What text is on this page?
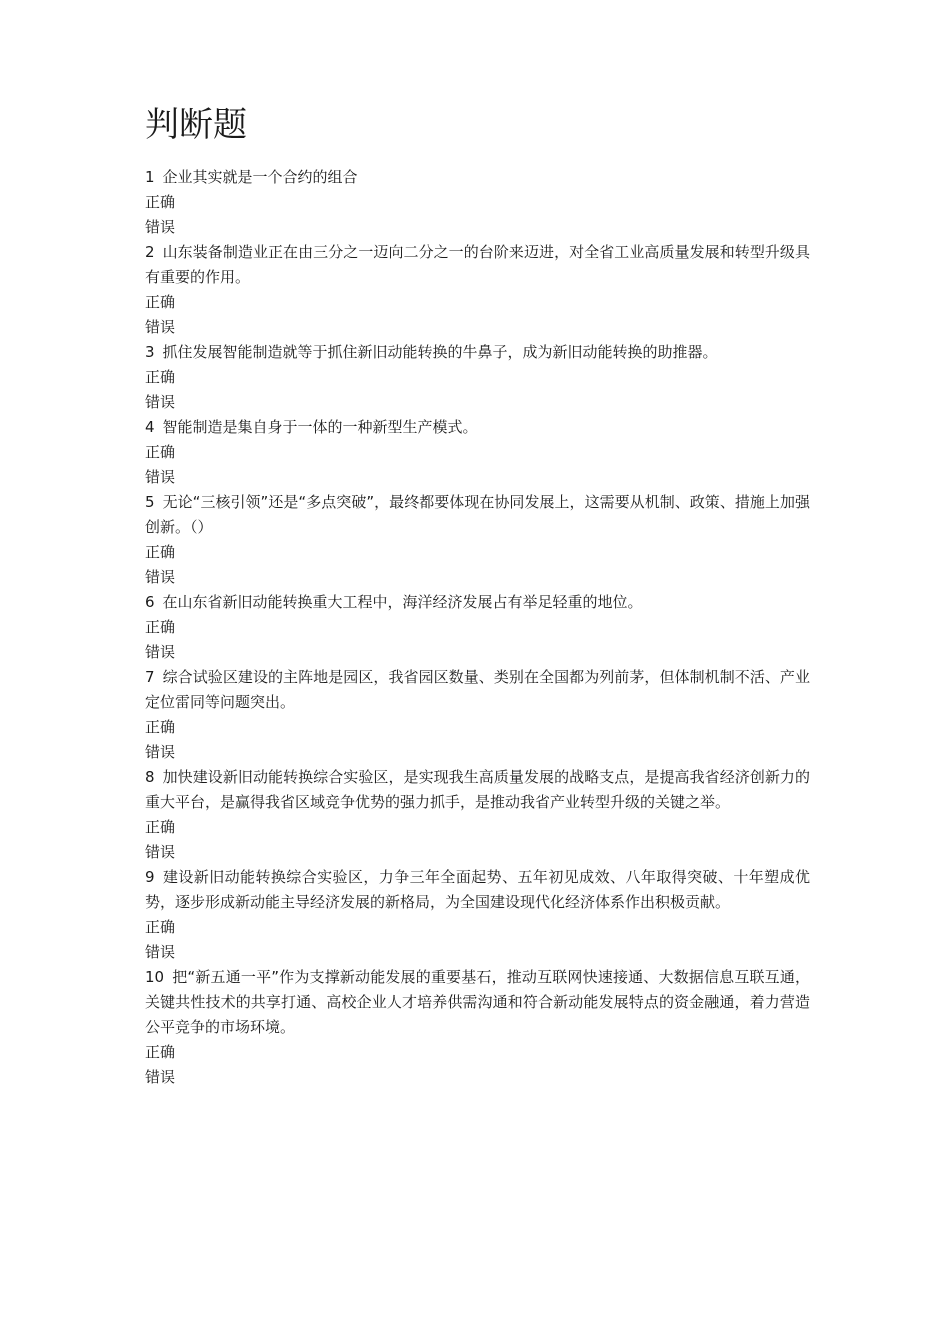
判断题

1 企业其实就是一个合约的组合

正确

错误

2 山东装备制造业正在由三分之一迈向二分之一的台阶来迈进，对全省工业高质量发展和转型升级具有重要的作用。

正确

错误

3 抓住发展智能制造就等于抓住新旧动能转换的牛鼻子，成为新旧动能转换的助推器。

正确

错误

4 智能制造是集自身于一体的一种新型生产模式。

正确

错误

5 无论“三核引领”还是“多点突破”，最终都要体现在协同发展上，这需要从机制、政策、措施上加强创新。（）

正确

错误

6 在山东省新旧动能转换重大工程中，海洋经济发展占有举足轻重的地位。

正确

错误

7 综合试验区建设的主阵地是园区，我省园区数量、类别在全国都为列前茅，但体制机制不活、产业定位雷同等问题突出。

正确

错误

8 加快建设新旧动能转换综合实验区，是实现我生高质量发展的战略支点，是提高我省经济创新力的重大平台，是赢得我省区域竞争优势的强力抓手，是推动我省产业转型升级的关键之举。

正确

错误

9 建设新旧动能转换综合实验区，力争三年全面起势、五年初见成效、八年取得突破、十年塑成优势，逐步形成新动能主导经济发展的新格局，为全国建设现代化经济体系作出积极贡献。

正确

错误

10 把“新五通一平”作为支撑新动能发展的重要基石，推动互联网快速接通、大数据信息互联互通，关键共性技术的共享打通、高校企业人才培养供需沟通和符合新动能发展特点的资金融通，着力营造公平竞争的市场环境。

正确

错误
